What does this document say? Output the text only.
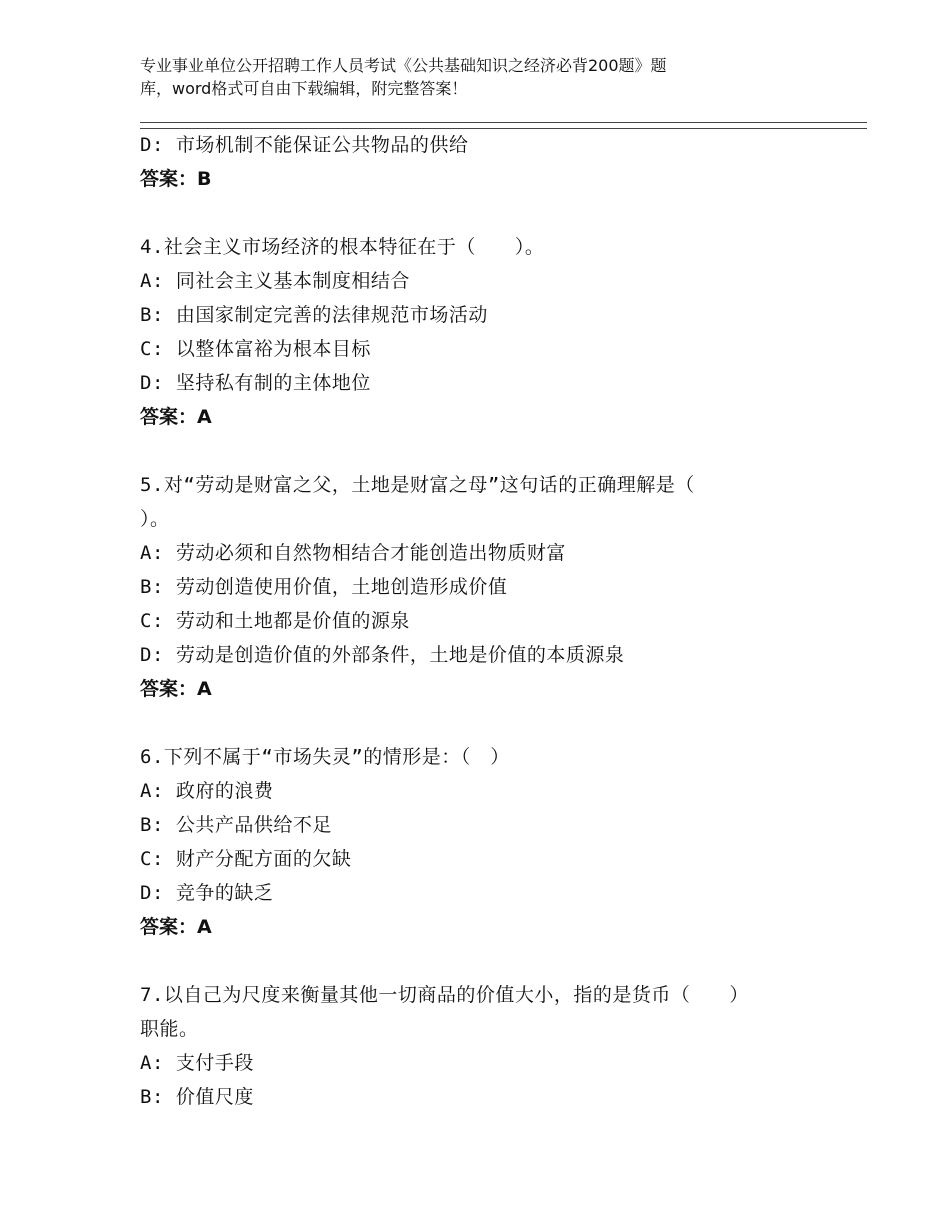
专业事业单位公开招聘工作人员考试《公共基础知识之经济必背200题》题
库，word格式可自由下载编辑，附完整答案！
D: 市场机制不能保证公共物品的供给
答案：B
4.社会主义市场经济的根本特征在于（　　）。
A: 同社会主义基本制度相结合
B: 由国家制定完善的法律规范市场活动
C: 以整体富裕为根本目标
D: 坚持私有制的主体地位
答案：A
5.对“劳动是财富之父，土地是财富之母”这句话的正确理解是（
）。
A: 劳动必须和自然物相结合才能创造出物质财富
B: 劳动创造使用价值，土地创造形成价值
C: 劳动和土地都是价值的源泉
D: 劳动是创造价值的外部条件，土地是价值的本质源泉
答案：A
6.下列不属于“市场失灵”的情形是：（　）
A: 政府的浪费
B: 公共产品供给不足
C: 财产分配方面的欠缺
D: 竞争的缺乏
答案：A
7.以自己为尺度来衡量其他一切商品的价值大小，指的是货币（　　）
职能。
A: 支付手段
B: 价值尺度
